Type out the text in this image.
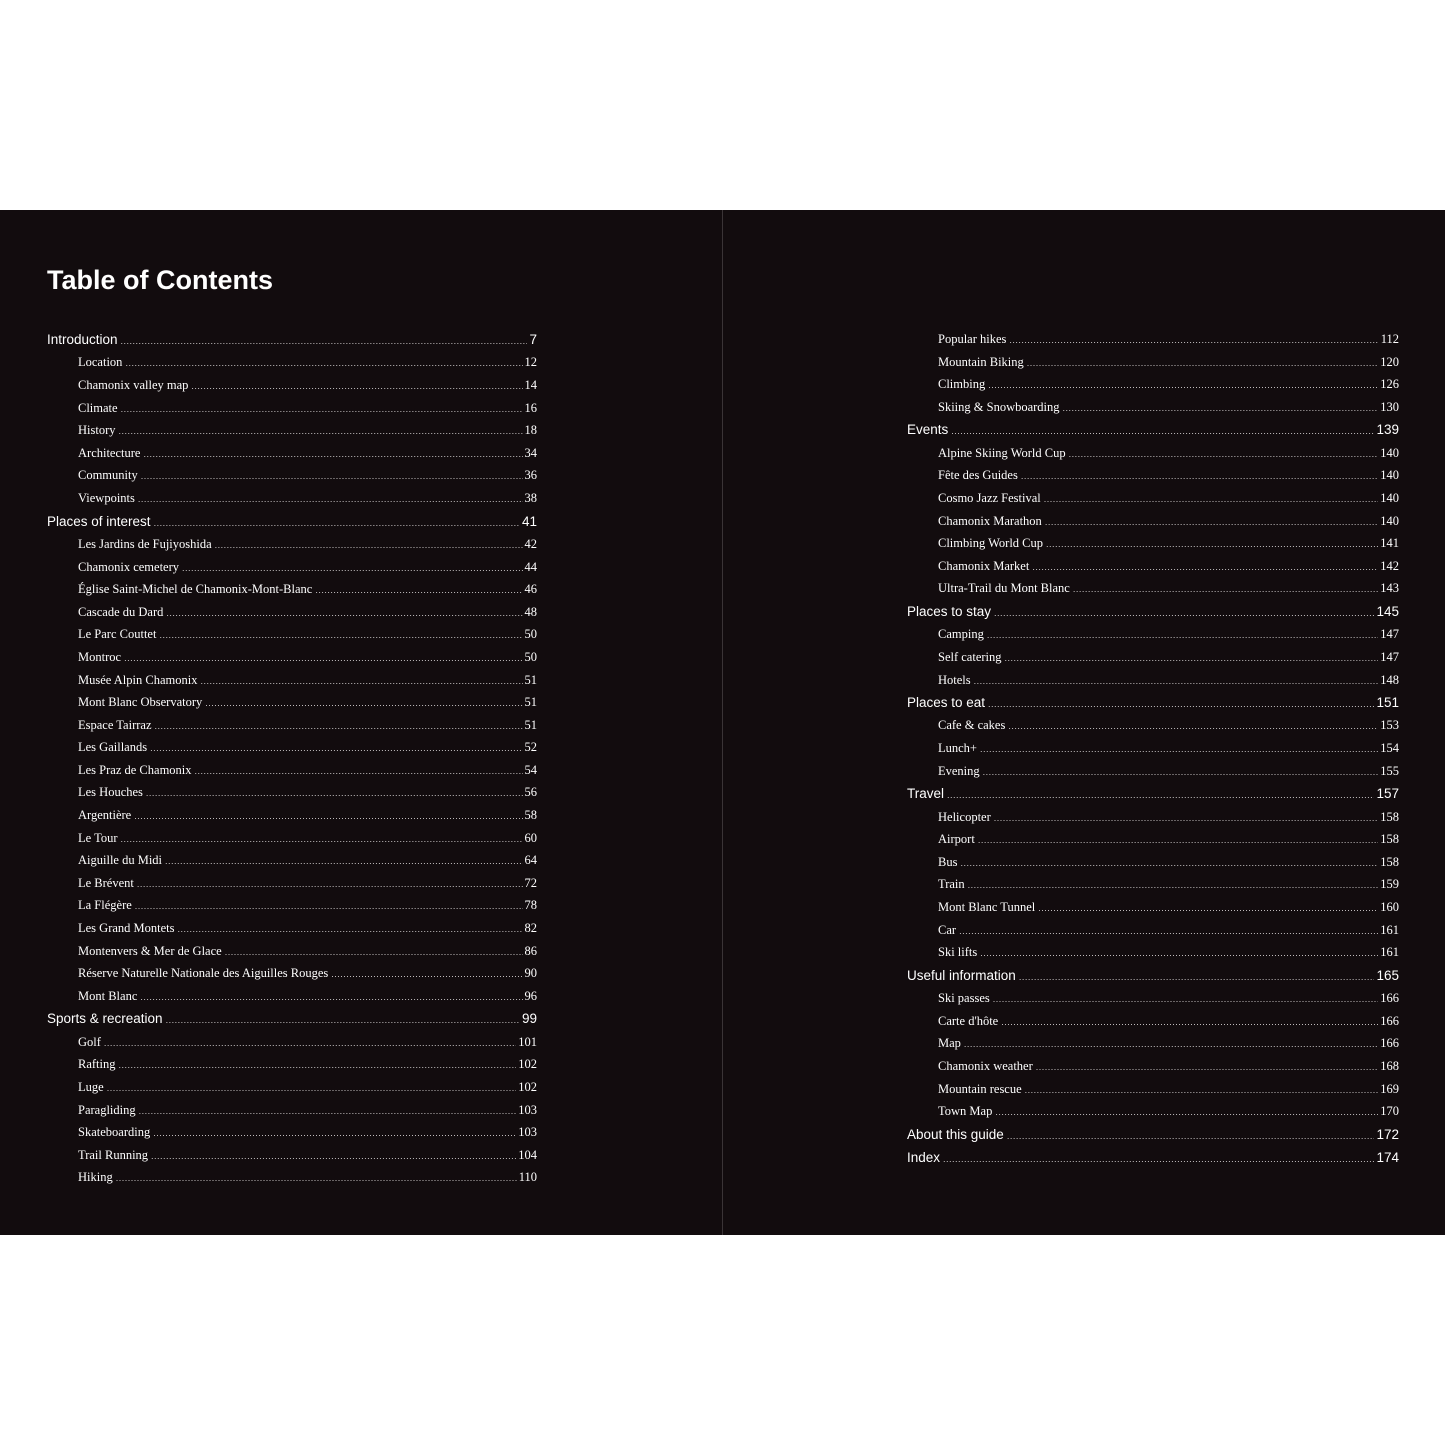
Table of Contents
Introduction .....	7
Location .....	12
Chamonix valley map .....	14
Climate .....	16
History .....	18
Architecture .....	34
Community .....	36
Viewpoints .....	38
Places of interest .....	41
Les Jardins de Fujiyoshida .....	42
Chamonix cemetery .....	44
Église Saint-Michel de Chamonix-Mont-Blanc .....	46
Cascade du Dard .....	48
Le Parc Couttet .....	50
Montroc .....	50
Musée Alpin Chamonix .....	51
Mont Blanc Observatory .....	51
Espace Tairraz .....	51
Les Gaillands .....	52
Les Praz de Chamonix .....	54
Les Houches .....	56
Argentière .....	58
Le Tour .....	60
Aiguille du Midi .....	64
Le Brévent .....	72
La Flégère .....	78
Les Grand Montets .....	82
Montenvers & Mer de Glace .....	86
Réserve Naturelle Nationale des Aiguilles Rouges .....	90
Mont Blanc .....	96
Sports & recreation .....	99
Golf .....	101
Rafting .....	102
Luge .....	102
Paragliding .....	103
Skateboarding .....	103
Trail Running .....	104
Hiking .....	110
Popular hikes .....	112
Mountain Biking .....	120
Climbing .....	126
Skiing & Snowboarding .....	130
Events .....	139
Alpine Skiing World Cup .....	140
Fête des Guides .....	140
Cosmo Jazz Festival .....	140
Chamonix Marathon .....	140
Climbing World Cup .....	141
Chamonix Market .....	142
Ultra-Trail du Mont Blanc .....	143
Places to stay .....	145
Camping .....	147
Self catering .....	147
Hotels .....	148
Places to eat .....	151
Cafe & cakes .....	153
Lunch+ .....	154
Evening .....	155
Travel .....	157
Helicopter .....	158
Airport .....	158
Bus .....	158
Train .....	159
Mont Blanc Tunnel .....	160
Car .....	161
Ski lifts .....	161
Useful information .....	165
Ski passes .....	166
Carte d'hôte .....	166
Map .....	166
Chamonix weather .....	168
Mountain rescue .....	169
Town Map .....	170
About this guide .....	172
Index .....	174
